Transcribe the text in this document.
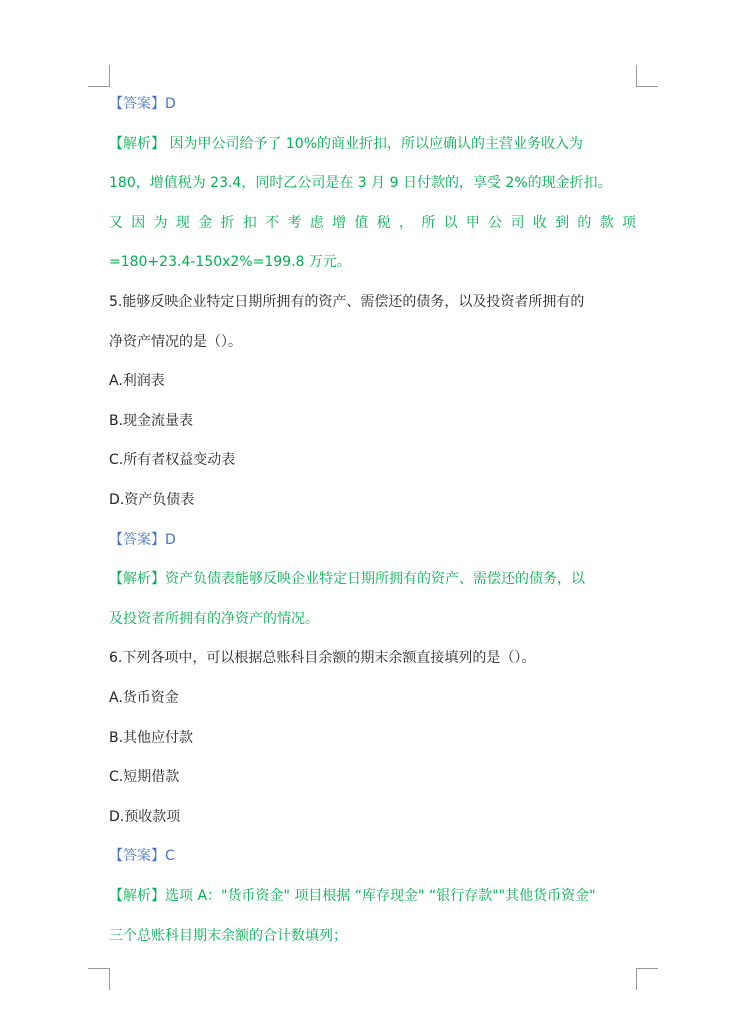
【答案】D
【解析】 因为甲公司给予了 10%的商业折扣，所以应确认的主营业务收入为
180，增值税为 23.4，同时乙公司是在 3 月 9 日付款的，享受 2%的现金折扣。
又因为现金折扣不考虑增值税，所以甲公司收到的款项
=180+23.4-150x2%=199.8 万元。
5.能够反映企业特定日期所拥有的资产、需偿还的债务，以及投资者所拥有的
净资产情况的是（）。
A.利润表
B.现金流量表
C.所有者权益变动表
D.资产负债表
【答案】D
【解析】资产负债表能够反映企业特定日期所拥有的资产、需偿还的债务，以
及投资者所拥有的净资产的情况。
6.下列各项中，可以根据总账科目余额的期末余额直接填列的是（）。
A.货币资金
B.其他应付款
C.短期借款
D.预收款项
【答案】C
【解析】选项 A："货币资金" 项目根据 “库存现金" “银行存款""其他货币资金"
三个总账科目期末余额的合计数填列；
